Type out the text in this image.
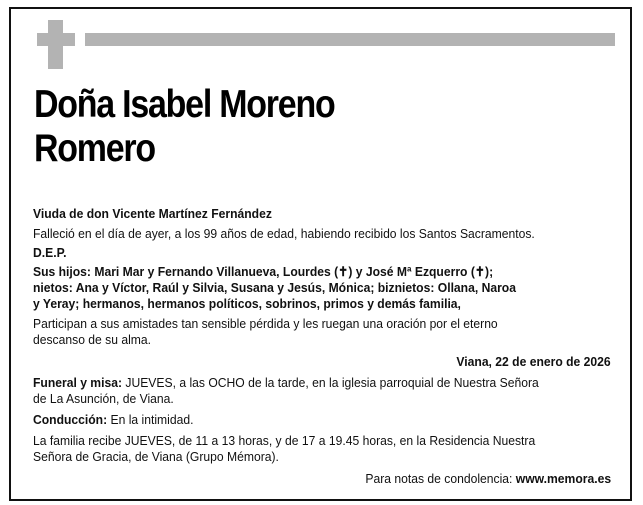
Doña Isabel Moreno
Romero
Viuda de don Vicente Martínez Fernández
Falleció en el día de ayer, a los 99 años de edad, habiendo recibido los Santos Sacramentos.
D.E.P.
Sus hijos: Mari Mar y Fernando Villanueva, Lourdes (✝) y José Mª Ezquerro (✝);
nietos: Ana y Víctor, Raúl y Silvia, Susana y Jesús, Mónica; biznietos: Ollana, Naroa
y Yeray; hermanos, hermanos políticos, sobrinos, primos y demás familia,
Participan a sus amistades tan sensible pérdida y les ruegan una oración por el eterno
descanso de su alma.
Viana, 22 de enero de 2026
Funeral y misa: JUEVES, a las OCHO de la tarde, en la iglesia parroquial de Nuestra Señora
de La Asunción, de Viana.
Conducción: En la intimidad.
La familia recibe JUEVES, de 11 a 13 horas, y de 17 a 19.45 horas, en la Residencia Nuestra
Señora de Gracia, de Viana (Grupo Mémora).
Para notas de condolencia: www.memora.es
